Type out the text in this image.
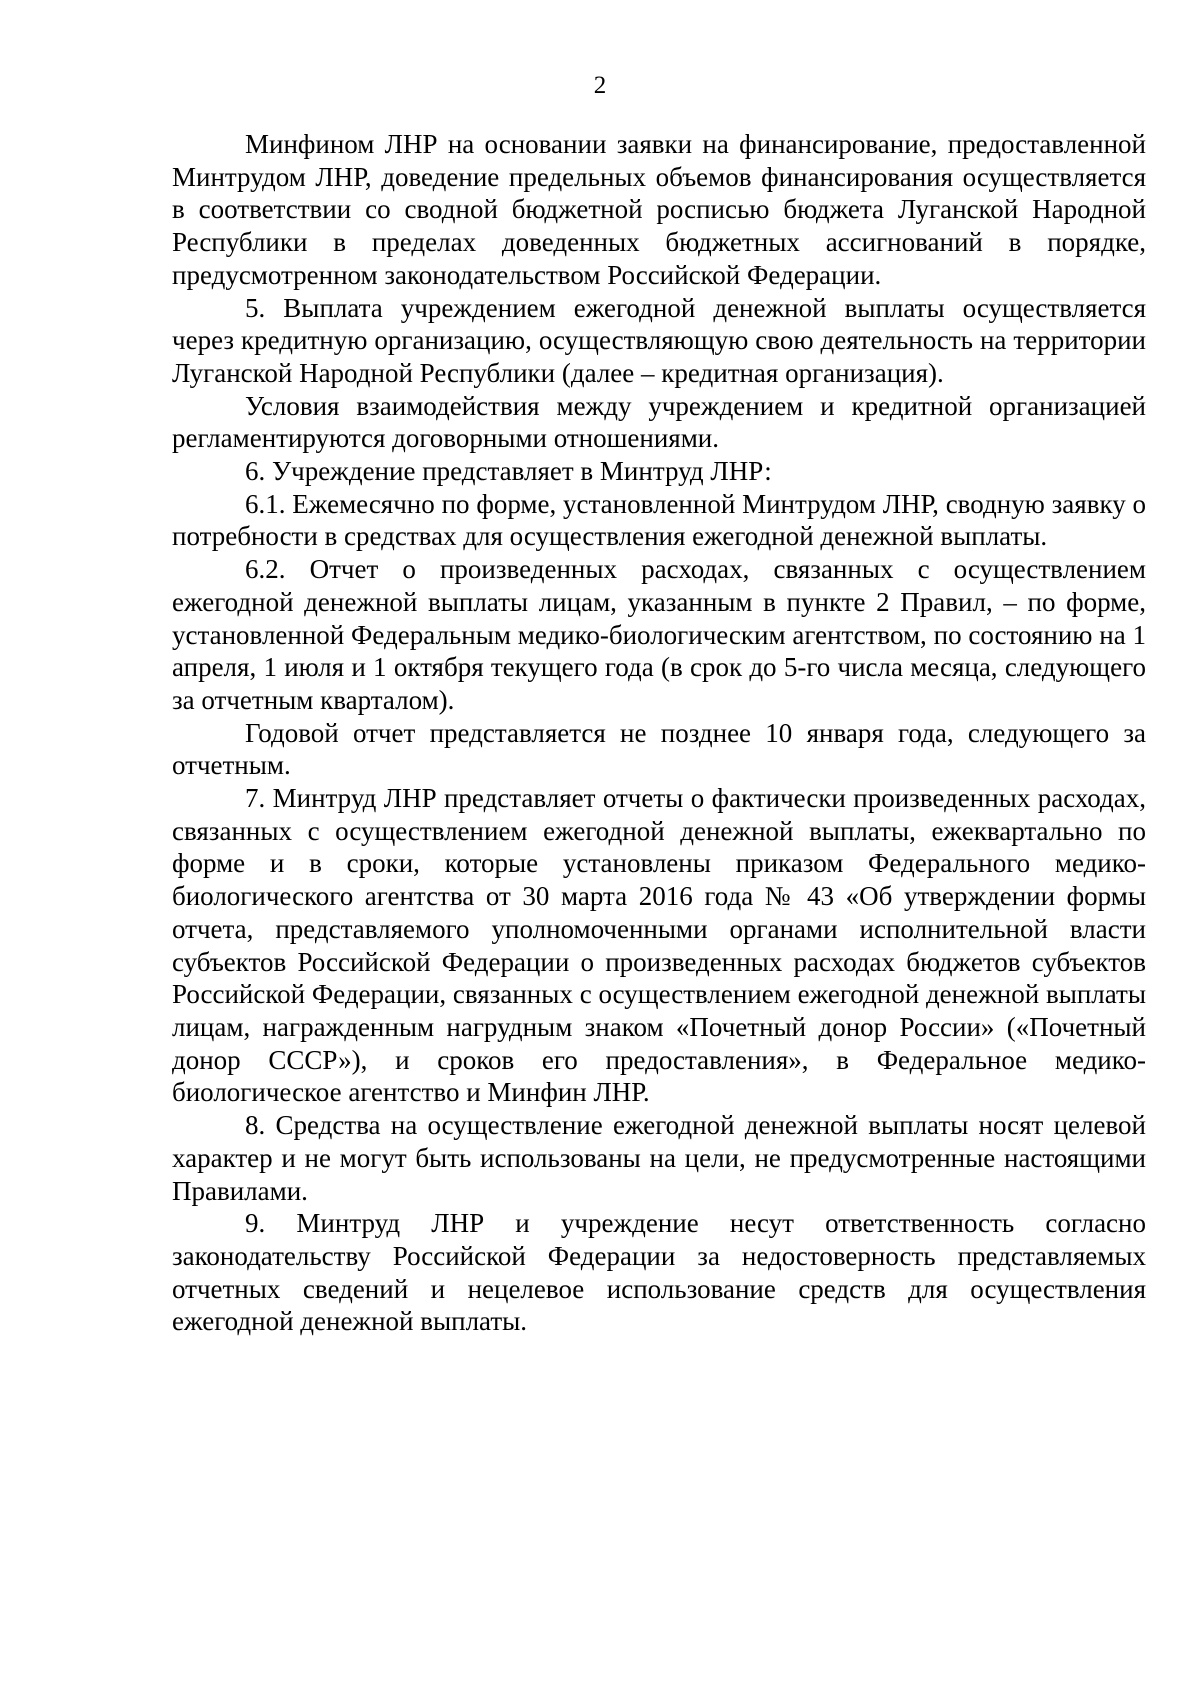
2

Минфином ЛНР на основании заявки на финансирование, предоставленной Минтрудом ЛНР, доведение предельных объемов финансирования осуществляется в соответствии со сводной бюджетной росписью бюджета Луганской Народной Республики в пределах доведенных бюджетных ассигнований в порядке, предусмотренном законодательством Российской Федерации.

5. Выплата учреждением ежегодной денежной выплаты осуществляется через кредитную организацию, осуществляющую свою деятельность на территории Луганской Народной Республики (далее – кредитная организация).

Условия взаимодействия между учреждением и кредитной организацией регламентируются договорными отношениями.

6. Учреждение представляет в Минтруд ЛНР:

6.1. Ежемесячно по форме, установленной Минтрудом ЛНР, сводную заявку о потребности в средствах для осуществления ежегодной денежной выплаты.

6.2. Отчет о произведенных расходах, связанных с осуществлением ежегодной денежной выплаты лицам, указанным в пункте 2 Правил, – по форме, установленной Федеральным медико-биологическим агентством, по состоянию на 1 апреля, 1 июля и 1 октября текущего года (в срок до 5-го числа месяца, следующего за отчетным кварталом).

Годовой отчет представляется не позднее 10 января года, следующего за отчетным.

7. Минтруд ЛНР представляет отчеты о фактически произведенных расходах, связанных с осуществлением ежегодной денежной выплаты, ежеквартально по форме и в сроки, которые установлены приказом Федерального медико-биологического агентства от 30 марта 2016 года № 43 «Об утверждении формы отчета, представляемого уполномоченными органами исполнительной власти субъектов Российской Федерации о произведенных расходах бюджетов субъектов Российской Федерации, связанных с осуществлением ежегодной денежной выплаты лицам, награжденным нагрудным знаком «Почетный донор России» («Почетный донор СССР»), и сроков его предоставления», в Федеральное медико-биологическое агентство и Минфин ЛНР.

8. Средства на осуществление ежегодной денежной выплаты носят целевой характер и не могут быть использованы на цели, не предусмотренные настоящими Правилами.

9. Минтруд ЛНР и учреждение несут ответственность согласно законодательству Российской Федерации за недостоверность представляемых отчетных сведений и нецелевое использование средств для осуществления ежегодной денежной выплаты.
